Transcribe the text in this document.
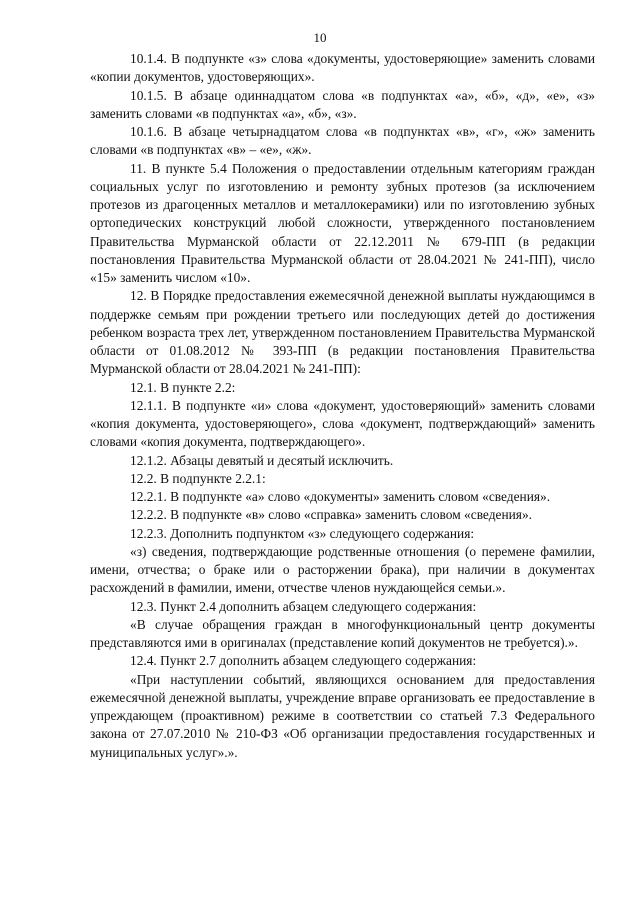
10

10.1.4. В подпункте «з» слова «документы, удостоверяющие» заменить словами «копии документов, удостоверяющих».

10.1.5. В абзаце одиннадцатом слова «в подпунктах «а», «б», «д», «е», «з» заменить словами «в подпунктах «а», «б», «з».

10.1.6. В абзаце четырнадцатом слова «в подпунктах «в», «г», «ж» заменить словами «в подпунктах «в» – «е», «ж».

11. В пункте 5.4 Положения о предоставлении отдельным категориям граждан социальных услуг по изготовлению и ремонту зубных протезов (за исключением протезов из драгоценных металлов и металлокерамики) или по изготовлению зубных ортопедических конструкций любой сложности, утвержденного постановлением Правительства Мурманской области от 22.12.2011 № 679-ПП (в редакции постановления Правительства Мурманской области от 28.04.2021 № 241-ПП), число «15» заменить числом «10».

12. В Порядке предоставления ежемесячной денежной выплаты нуждающимся в поддержке семьям при рождении третьего или последующих детей до достижения ребенком возраста трех лет, утвержденном постановлением Правительства Мурманской области от 01.08.2012 № 393-ПП (в редакции постановления Правительства Мурманской области от 28.04.2021 № 241-ПП):

12.1. В пункте 2.2:

12.1.1. В подпункте «и» слова «документ, удостоверяющий» заменить словами «копия документа, удостоверяющего», слова «документ, подтверждающий» заменить словами «копия документа, подтверждающего».

12.1.2. Абзацы девятый и десятый исключить.

12.2. В подпункте 2.2.1:

12.2.1. В подпункте «а» слово «документы» заменить словом «сведения».

12.2.2. В подпункте «в» слово «справка» заменить словом «сведения».

12.2.3. Дополнить подпунктом «з» следующего содержания:

«з) сведения, подтверждающие родственные отношения (о перемене фамилии, имени, отчества; о браке или о расторжении брака), при наличии в документах расхождений в фамилии, имени, отчестве членов нуждающейся семьи.».

12.3. Пункт 2.4 дополнить абзацем следующего содержания:

«В случае обращения граждан в многофункциональный центр документы представляются ими в оригиналах (представление копий документов не требуется).».

12.4. Пункт 2.7 дополнить абзацем следующего содержания:

«При наступлении событий, являющихся основанием для предоставления ежемесячной денежной выплаты, учреждение вправе организовать ее предоставление в упреждающем (проактивном) режиме в соответствии со статьей 7.3 Федерального закона от 27.07.2010 № 210-ФЗ «Об организации предоставления государственных и муниципальных услуг».».
